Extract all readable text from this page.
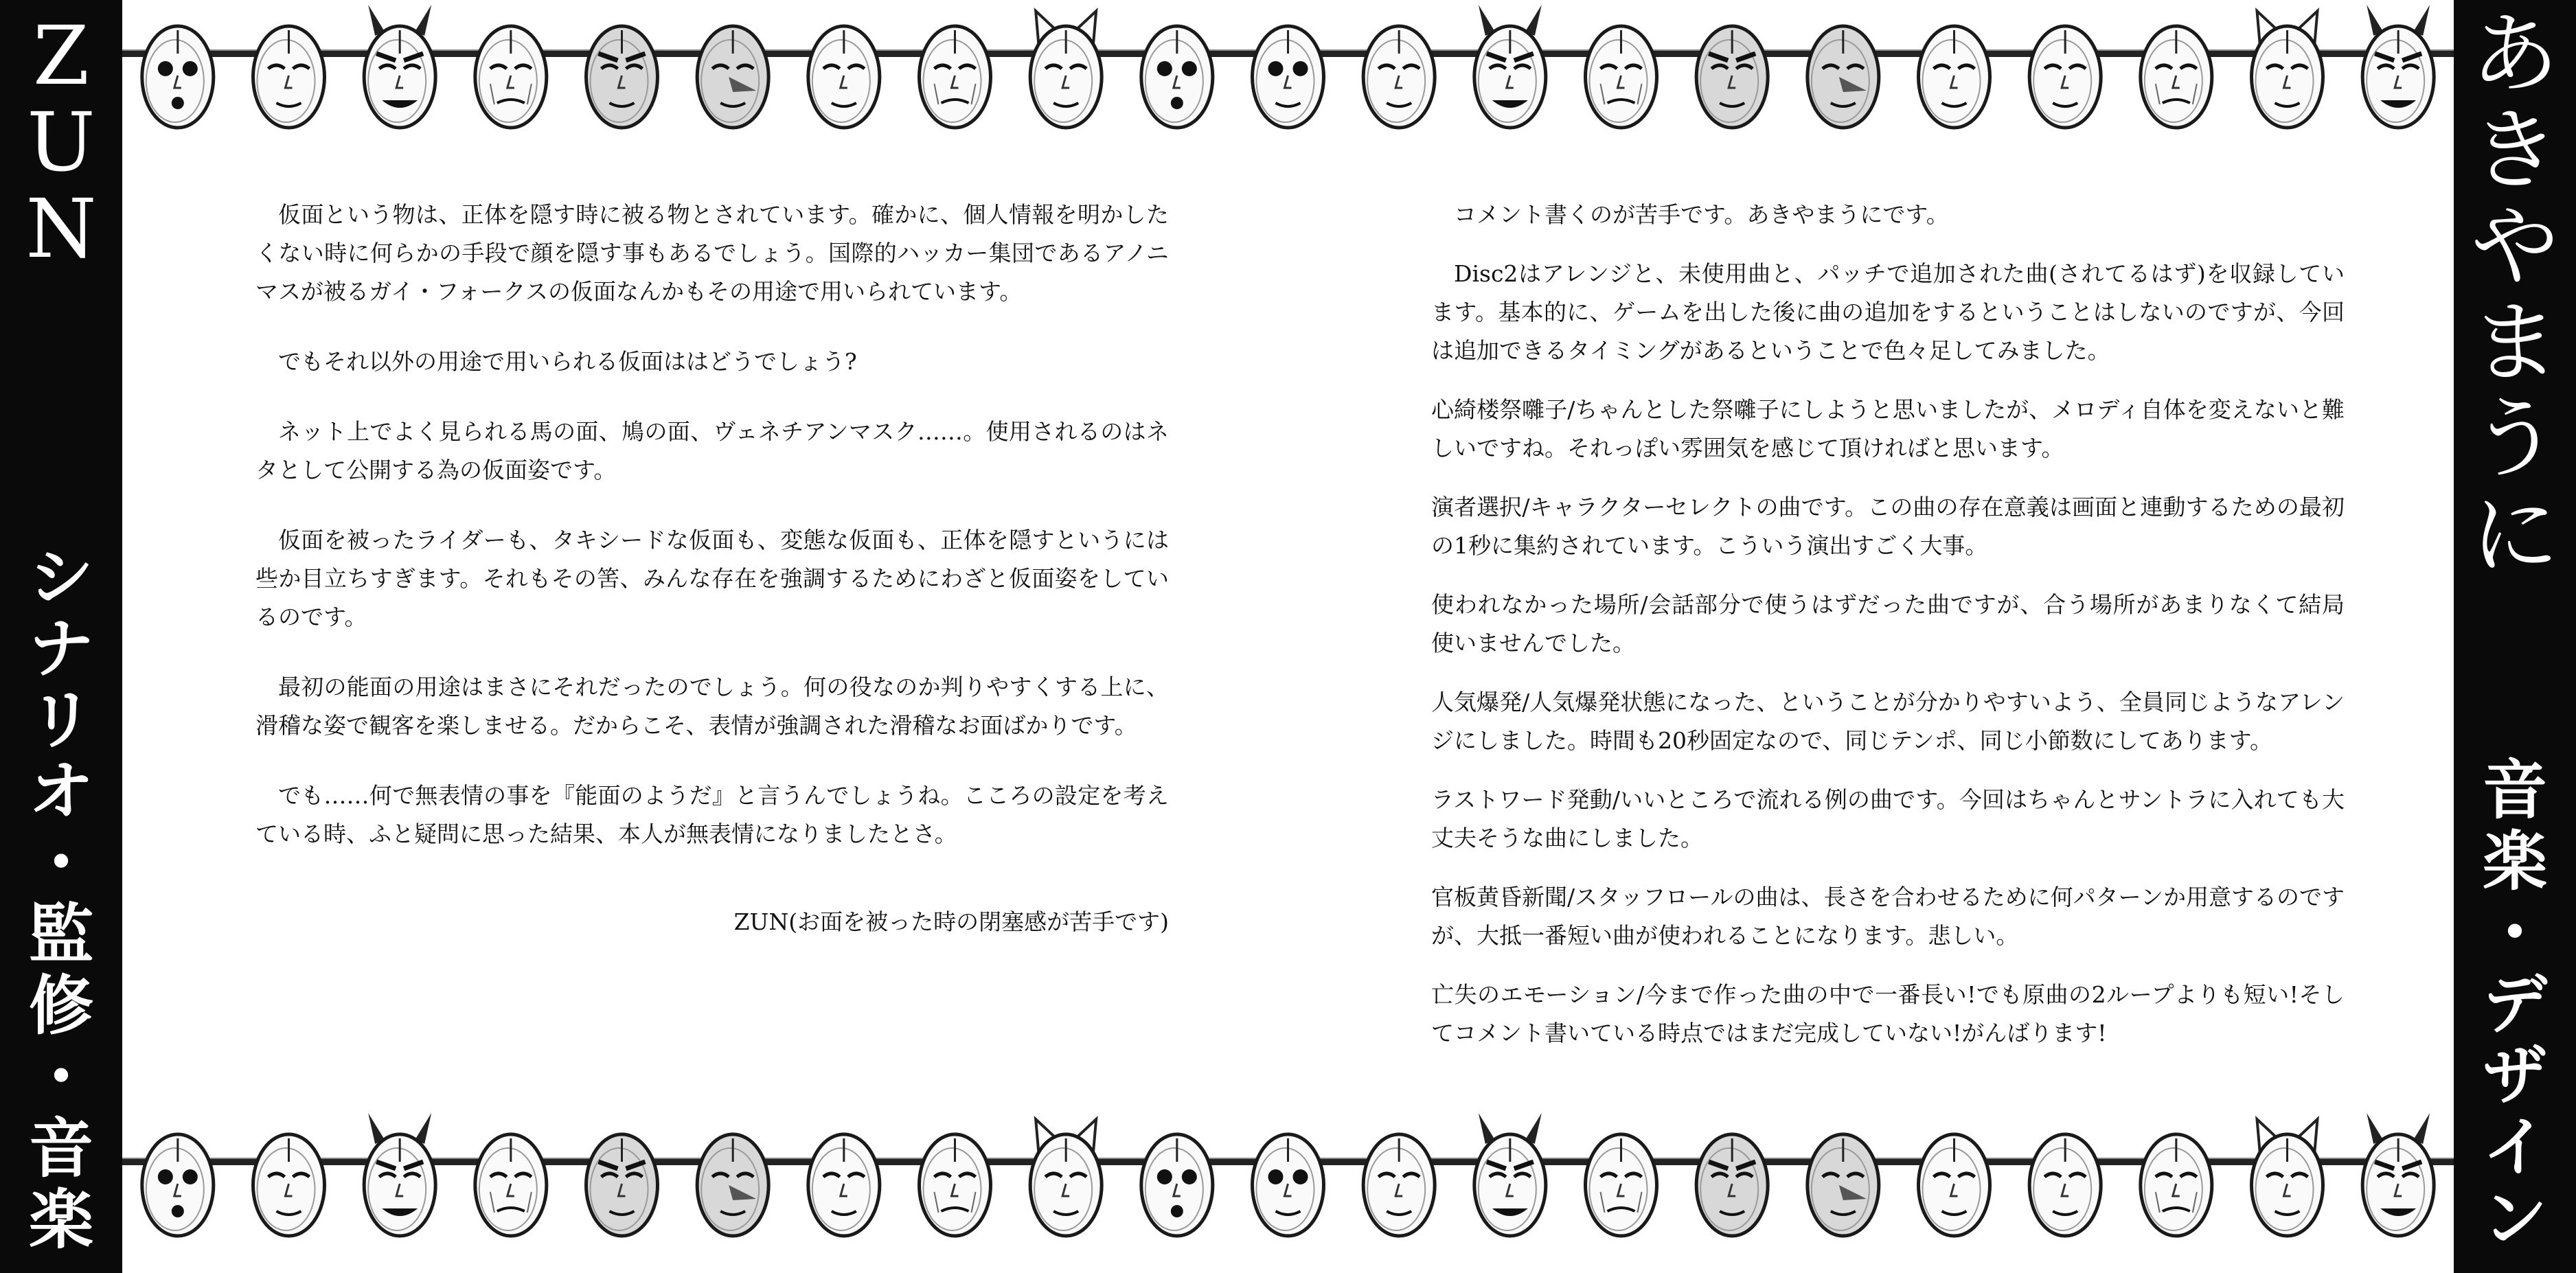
Z
U
N
シ
ナ
リ
オ
・
監
修
・
音
楽
あ
き
や
ま
う
に
音
楽
・
デ
ザ
イ
ン

仮面という物は、正体を隠す時に被る物とされています。確かに、個人情報を明かしたくない時に何らかの手段で顔を隠す事もあるでしょう。国際的ハッカー集団であるアノニマスが被るガイ・フォークスの仮面なんかもその用途で用いられています。

でもそれ以外の用途で用いられる仮面ははどうでしょう?

ネット上でよく見られる馬の面、鳩の面、ヴェネチアンマスク……。使用されるのはネタとして公開する為の仮面姿です。

仮面を被ったライダーも、タキシードな仮面も、変態な仮面も、正体を隠すというには些か目立ちすぎます。それもその筈、みんな存在を強調するためにわざと仮面姿をしているのです。

最初の能面の用途はまさにそれだったのでしょう。何の役なのか判りやすくする上に、滑稽な姿で観客を楽しませる。だからこそ、表情が強調された滑稽なお面ばかりです。

でも……何で無表情の事を『能面のようだ』と言うんでしょうね。こころの設定を考えている時、ふと疑問に思った結果、本人が無表情になりましたとさ。

ZUN(お面を被った時の閉塞感が苦手です)

コメント書くのが苦手です。あきやまうにです。

Disc2はアレンジと、未使用曲と、パッチで追加された曲(されてるはず)を収録しています。基本的に、ゲームを出した後に曲の追加をするということはしないのですが、今回は追加できるタイミングがあるということで色々足してみました。

心綺楼祭囃子/ちゃんとした祭囃子にしようと思いましたが、メロディ自体を変えないと難しいですね。それっぽい雰囲気を感じて頂ければと思います。

演者選択/キャラクターセレクトの曲です。この曲の存在意義は画面と連動するための最初の1秒に集約されています。こういう演出すごく大事。

使われなかった場所/会話部分で使うはずだった曲ですが、合う場所があまりなくて結局使いませんでした。

人気爆発/人気爆発状態になった、ということが分かりやすいよう、全員同じようなアレンジにしました。時間も20秒固定なので、同じテンポ、同じ小節数にしてあります。

ラストワード発動/いいところで流れる例の曲です。今回はちゃんとサントラに入れても大丈夫そうな曲にしました。

官板黄昏新聞/スタッフロールの曲は、長さを合わせるために何パターンか用意するのですが、大抵一番短い曲が使われることになります。悲しい。

亡失のエモーション/今まで作った曲の中で一番長い!でも原曲の2ループよりも短い!そしてコメント書いている時点ではまだ完成していない!がんばります!
